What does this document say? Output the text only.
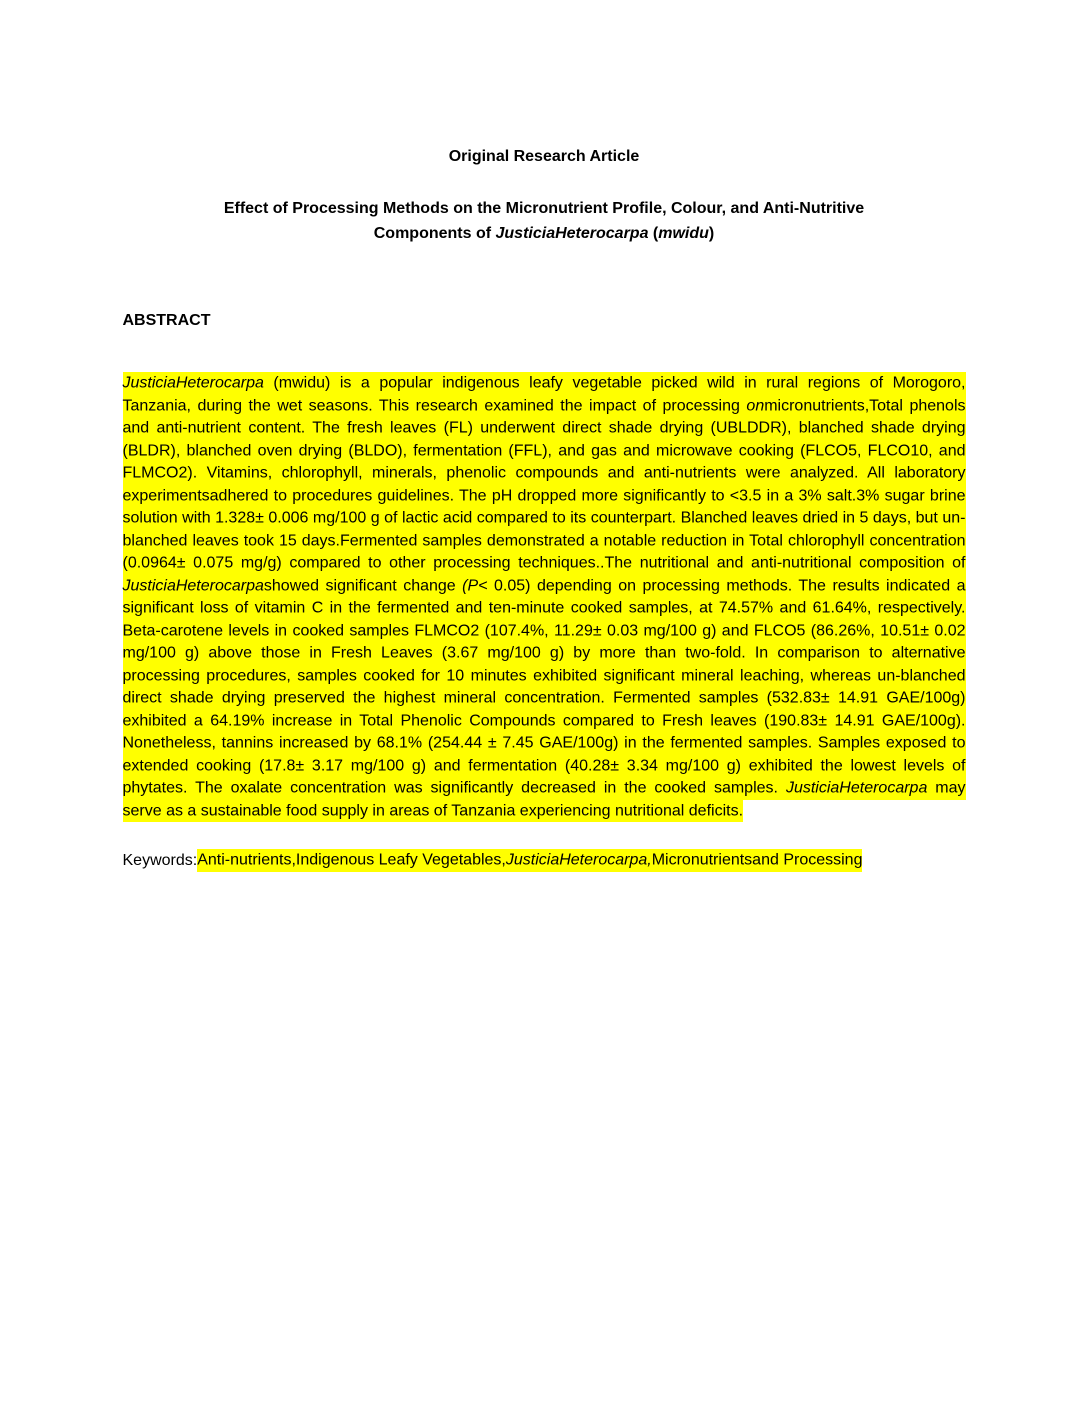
Original Research Article
Effect of Processing Methods on the Micronutrient Profile, Colour, and Anti-Nutritive
Components of JusticiaHeterocarpa (mwidu)
ABSTRACT

JusticiaHeterocarpa (mwidu) is a popular indigenous leafy vegetable picked wild in rural regions of Morogoro, Tanzania, during the wet seasons. This research examined the impact of processing onmicronutrients,Total phenols and anti-nutrient content. The fresh leaves (FL) underwent direct shade drying (UBLDDR), blanched shade drying (BLDR), blanched oven drying (BLDO), fermentation (FFL), and gas and microwave cooking (FLCO5, FLCO10, and FLMCO2). Vitamins, chlorophyll, minerals, phenolic compounds and anti-nutrients were analyzed. All laboratory experimentsadhered to procedures guidelines. The pH dropped more significantly to <3.5 in a 3% salt.3% sugar brine solution with 1.328± 0.006 mg/100 g of lactic acid compared to its counterpart. Blanched leaves dried in 5 days, but un-blanched leaves took 15 days.Fermented samples demonstrated a notable reduction in Total chlorophyll concentration (0.0964± 0.075 mg/g) compared to other processing techniques..The nutritional and anti-nutritional composition of JusticiaHeterocarpashowed significant change (P< 0.05) depending on processing methods. The results indicated a significant loss of vitamin C in the fermented and ten-minute cooked samples, at 74.57% and 61.64%, respectively. Beta-carotene levels in cooked samples FLMCO2 (107.4%, 11.29± 0.03 mg/100 g) and FLCO5 (86.26%, 10.51± 0.02 mg/100 g) above those in Fresh Leaves (3.67 mg/100 g) by more than two-fold. In comparison to alternative processing procedures, samples cooked for 10 minutes exhibited significant mineral leaching, whereas un-blanched direct shade drying preserved the highest mineral concentration. Fermented samples (532.83± 14.91 GAE/100g) exhibited a 64.19% increase in Total Phenolic Compounds compared to Fresh leaves (190.83± 14.91 GAE/100g). Nonetheless, tannins increased by 68.1% (254.44 ± 7.45 GAE/100g) in the fermented samples. Samples exposed to extended cooking (17.8± 3.17 mg/100 g) and fermentation (40.28± 3.34 mg/100 g) exhibited the lowest levels of phytates. The oxalate concentration was significantly decreased in the cooked samples. JusticiaHeterocarpa may serve as a sustainable food supply in areas of Tanzania experiencing nutritional deficits.

Keywords:Anti-nutrients,Indigenous Leafy Vegetables,JusticiaHeterocarpa,Micronutrientsand Processing
